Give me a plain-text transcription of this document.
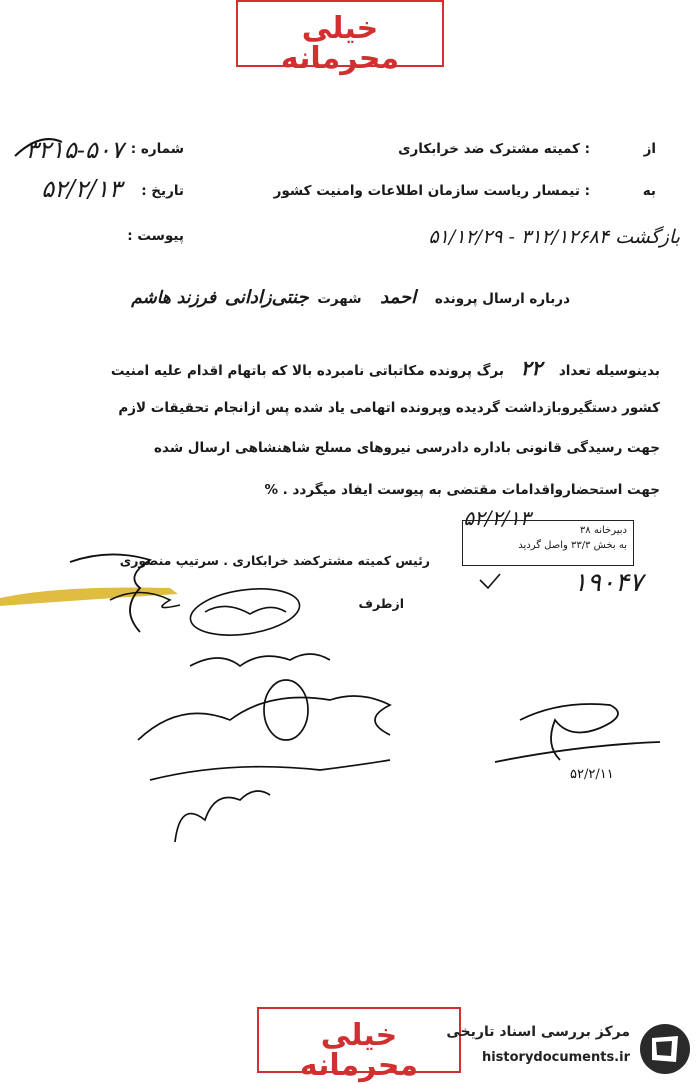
خیلی محرمانه
شماره :
۳۲۱۵-۵۰۷
تاریخ :
۵۲/۲/۱۳
پیوست :
از
: کمیته مشترک ضد خرابکاری
به
: تیمسار ریاست سازمان اطلاعات وامنیت کشور
بازگشت ۳۱۲/۱۲۶۸۴ - ۵۱/۱۲/۲۹
درباره ارسال پرونده احمد شهرت جنتی‌زادانی فرزند هاشم
بدینوسیله تعداد ۲۲ برگ پرونده مکاتباتی نامبرده بالا که باتهام اقدام علیه امنیت
کشور دستگیروبازداشت گردیده وپرونده اتهامی یاد شده پس ازانجام تحقیقات لازم
جهت رسیدگی قانونی باداره دادرسی نیروهای مسلح شاهنشاهی ارسال شده
جهت استحضارواقدامات مقتضی به پیوست ایفاد میگردد . %
۵۲/۲/۱۳
دبیرخانه ۳۸
به بخش ۳۳/۳ واصل گردید
۱۹۰۴۷
رئیس کمیته مشترکضد خرابکاری . سرتیپ منصوری
ازطرف
۵۲/۲/۱۱
خیلی محرمانه
مرکز بررسی اسناد تاریخی
historydocuments.ir
